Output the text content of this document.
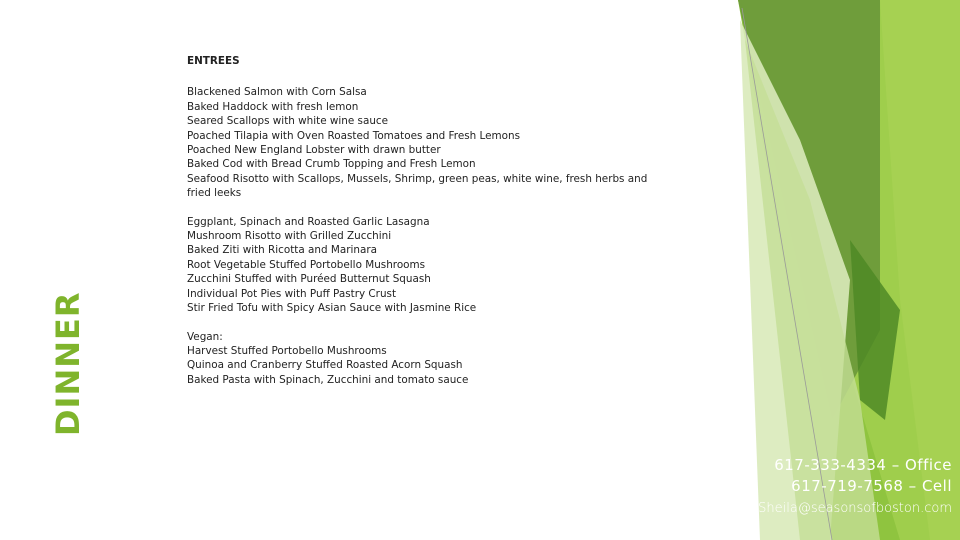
DINNER
ENTREES
Blackened Salmon with Corn Salsa
Baked Haddock with fresh lemon
Seared Scallops with white wine sauce
Poached Tilapia with Oven Roasted Tomatoes and Fresh Lemons
Poached New England Lobster with drawn butter
Baked Cod with Bread Crumb Topping and Fresh Lemon
Seafood Risotto with Scallops, Mussels, Shrimp, green peas, white wine, fresh herbs and fried leeks
Eggplant, Spinach and Roasted Garlic Lasagna
Mushroom Risotto with Grilled Zucchini
Baked Ziti with Ricotta and Marinara
Root Vegetable Stuffed Portobello Mushrooms
Zucchini Stuffed with Puréed Butternut Squash
Individual Pot Pies with Puff Pastry Crust
Stir Fried Tofu with Spicy Asian Sauce with Jasmine Rice
Vegan:
Harvest Stuffed Portobello Mushrooms
Quinoa and Cranberry Stuffed Roasted Acorn Squash
Baked Pasta with Spinach, Zucchini and tomato sauce
617-333-4334 – Office
617-719-7568 – Cell
Sheila@seasonsofboston.com
